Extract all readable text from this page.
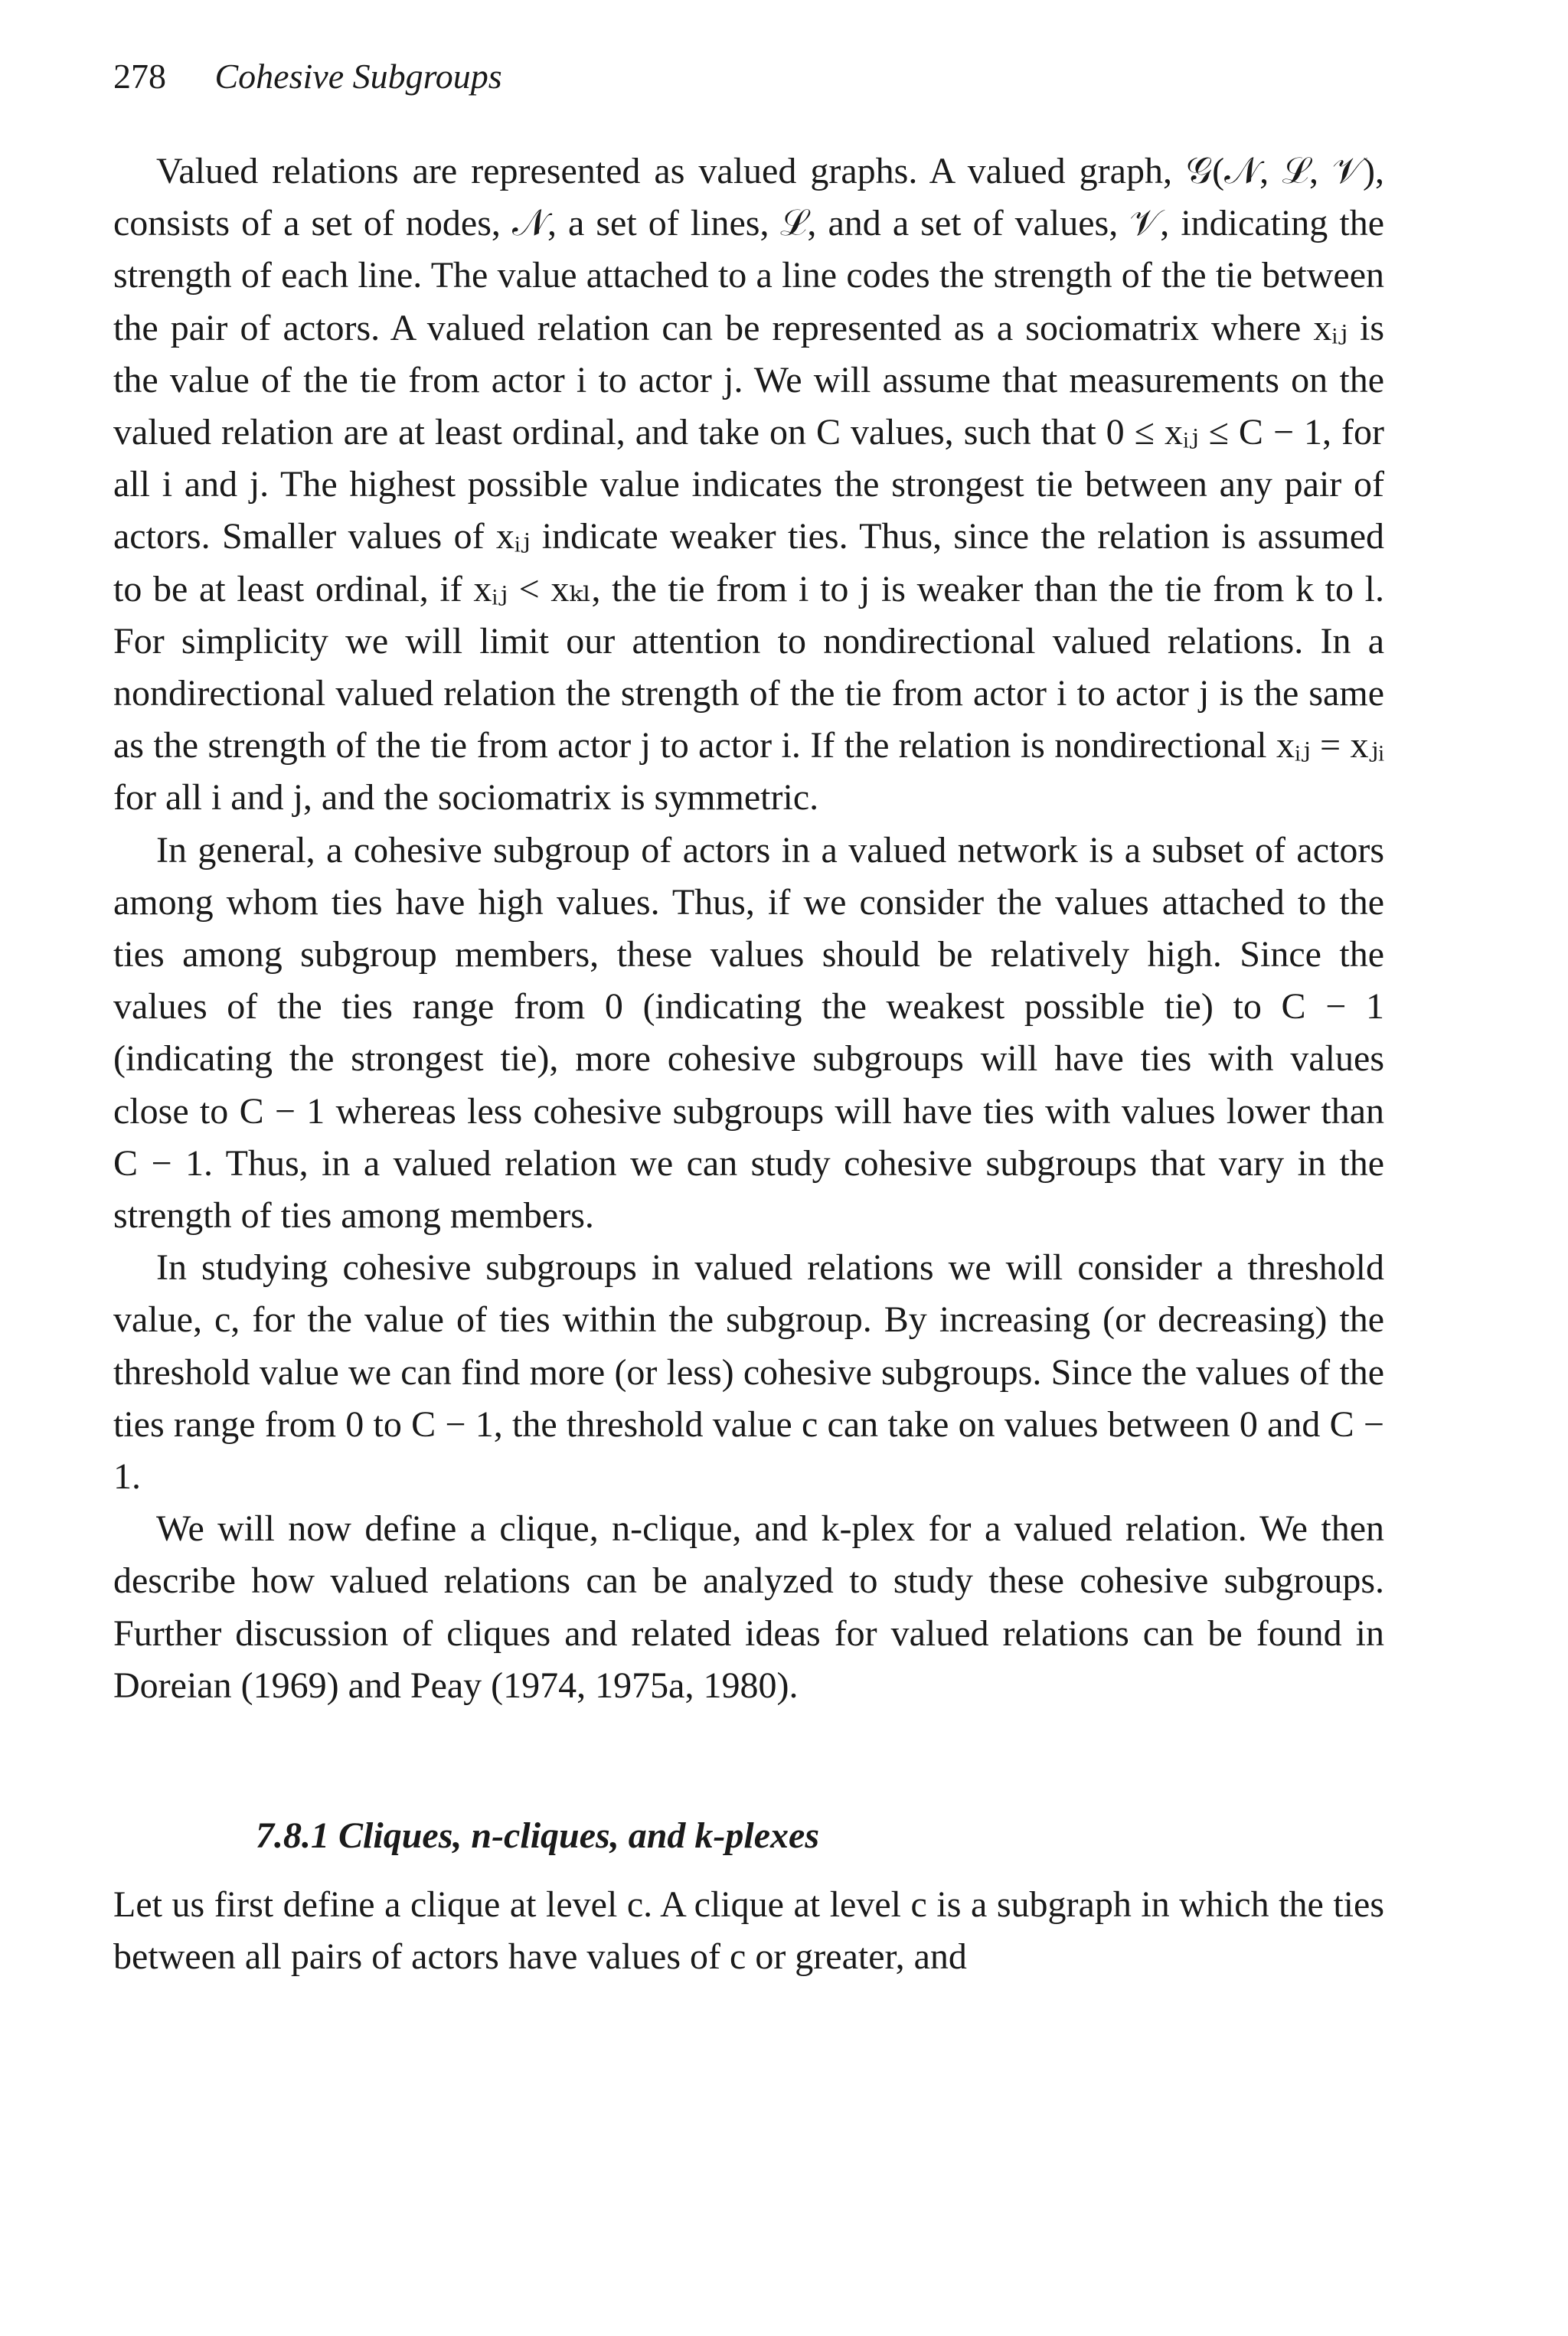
278 Cohesive Subgroups

Valued relations are represented as valued graphs. A valued graph, 𝒢(𝒩, ℒ, 𝒱), consists of a set of nodes, 𝒩, a set of lines, ℒ, and a set of values, 𝒱, indicating the strength of each line. The value attached to a line codes the strength of the tie between the pair of actors. A valued relation can be represented as a sociomatrix where xᵢⱼ is the value of the tie from actor i to actor j. We will assume that measurements on the valued relation are at least ordinal, and take on C values, such that 0 ≤ xᵢⱼ ≤ C − 1, for all i and j. The highest possible value indicates the strongest tie between any pair of actors. Smaller values of xᵢⱼ indicate weaker ties. Thus, since the relation is assumed to be at least ordinal, if xᵢⱼ < xₖₗ, the tie from i to j is weaker than the tie from k to l. For simplicity we will limit our attention to nondirectional valued relations. In a nondirectional valued relation the strength of the tie from actor i to actor j is the same as the strength of the tie from actor j to actor i. If the relation is nondirectional xᵢⱼ = xⱼᵢ for all i and j, and the sociomatrix is symmetric.

In general, a cohesive subgroup of actors in a valued network is a subset of actors among whom ties have high values. Thus, if we consider the values attached to the ties among subgroup members, these values should be relatively high. Since the values of the ties range from 0 (indicating the weakest possible tie) to C − 1 (indicating the strongest tie), more cohesive subgroups will have ties with values close to C − 1 whereas less cohesive subgroups will have ties with values lower than C − 1. Thus, in a valued relation we can study cohesive subgroups that vary in the strength of ties among members.

In studying cohesive subgroups in valued relations we will consider a threshold value, c, for the value of ties within the subgroup. By increasing (or decreasing) the threshold value we can find more (or less) cohesive subgroups. Since the values of the ties range from 0 to C − 1, the threshold value c can take on values between 0 and C − 1.

We will now define a clique, n-clique, and k-plex for a valued relation. We then describe how valued relations can be analyzed to study these cohesive subgroups. Further discussion of cliques and related ideas for valued relations can be found in Doreian (1969) and Peay (1974, 1975a, 1980).

7.8.1 Cliques, n-cliques, and k-plexes

Let us first define a clique at level c. A clique at level c is a subgraph in which the ties between all pairs of actors have values of c or greater, and
